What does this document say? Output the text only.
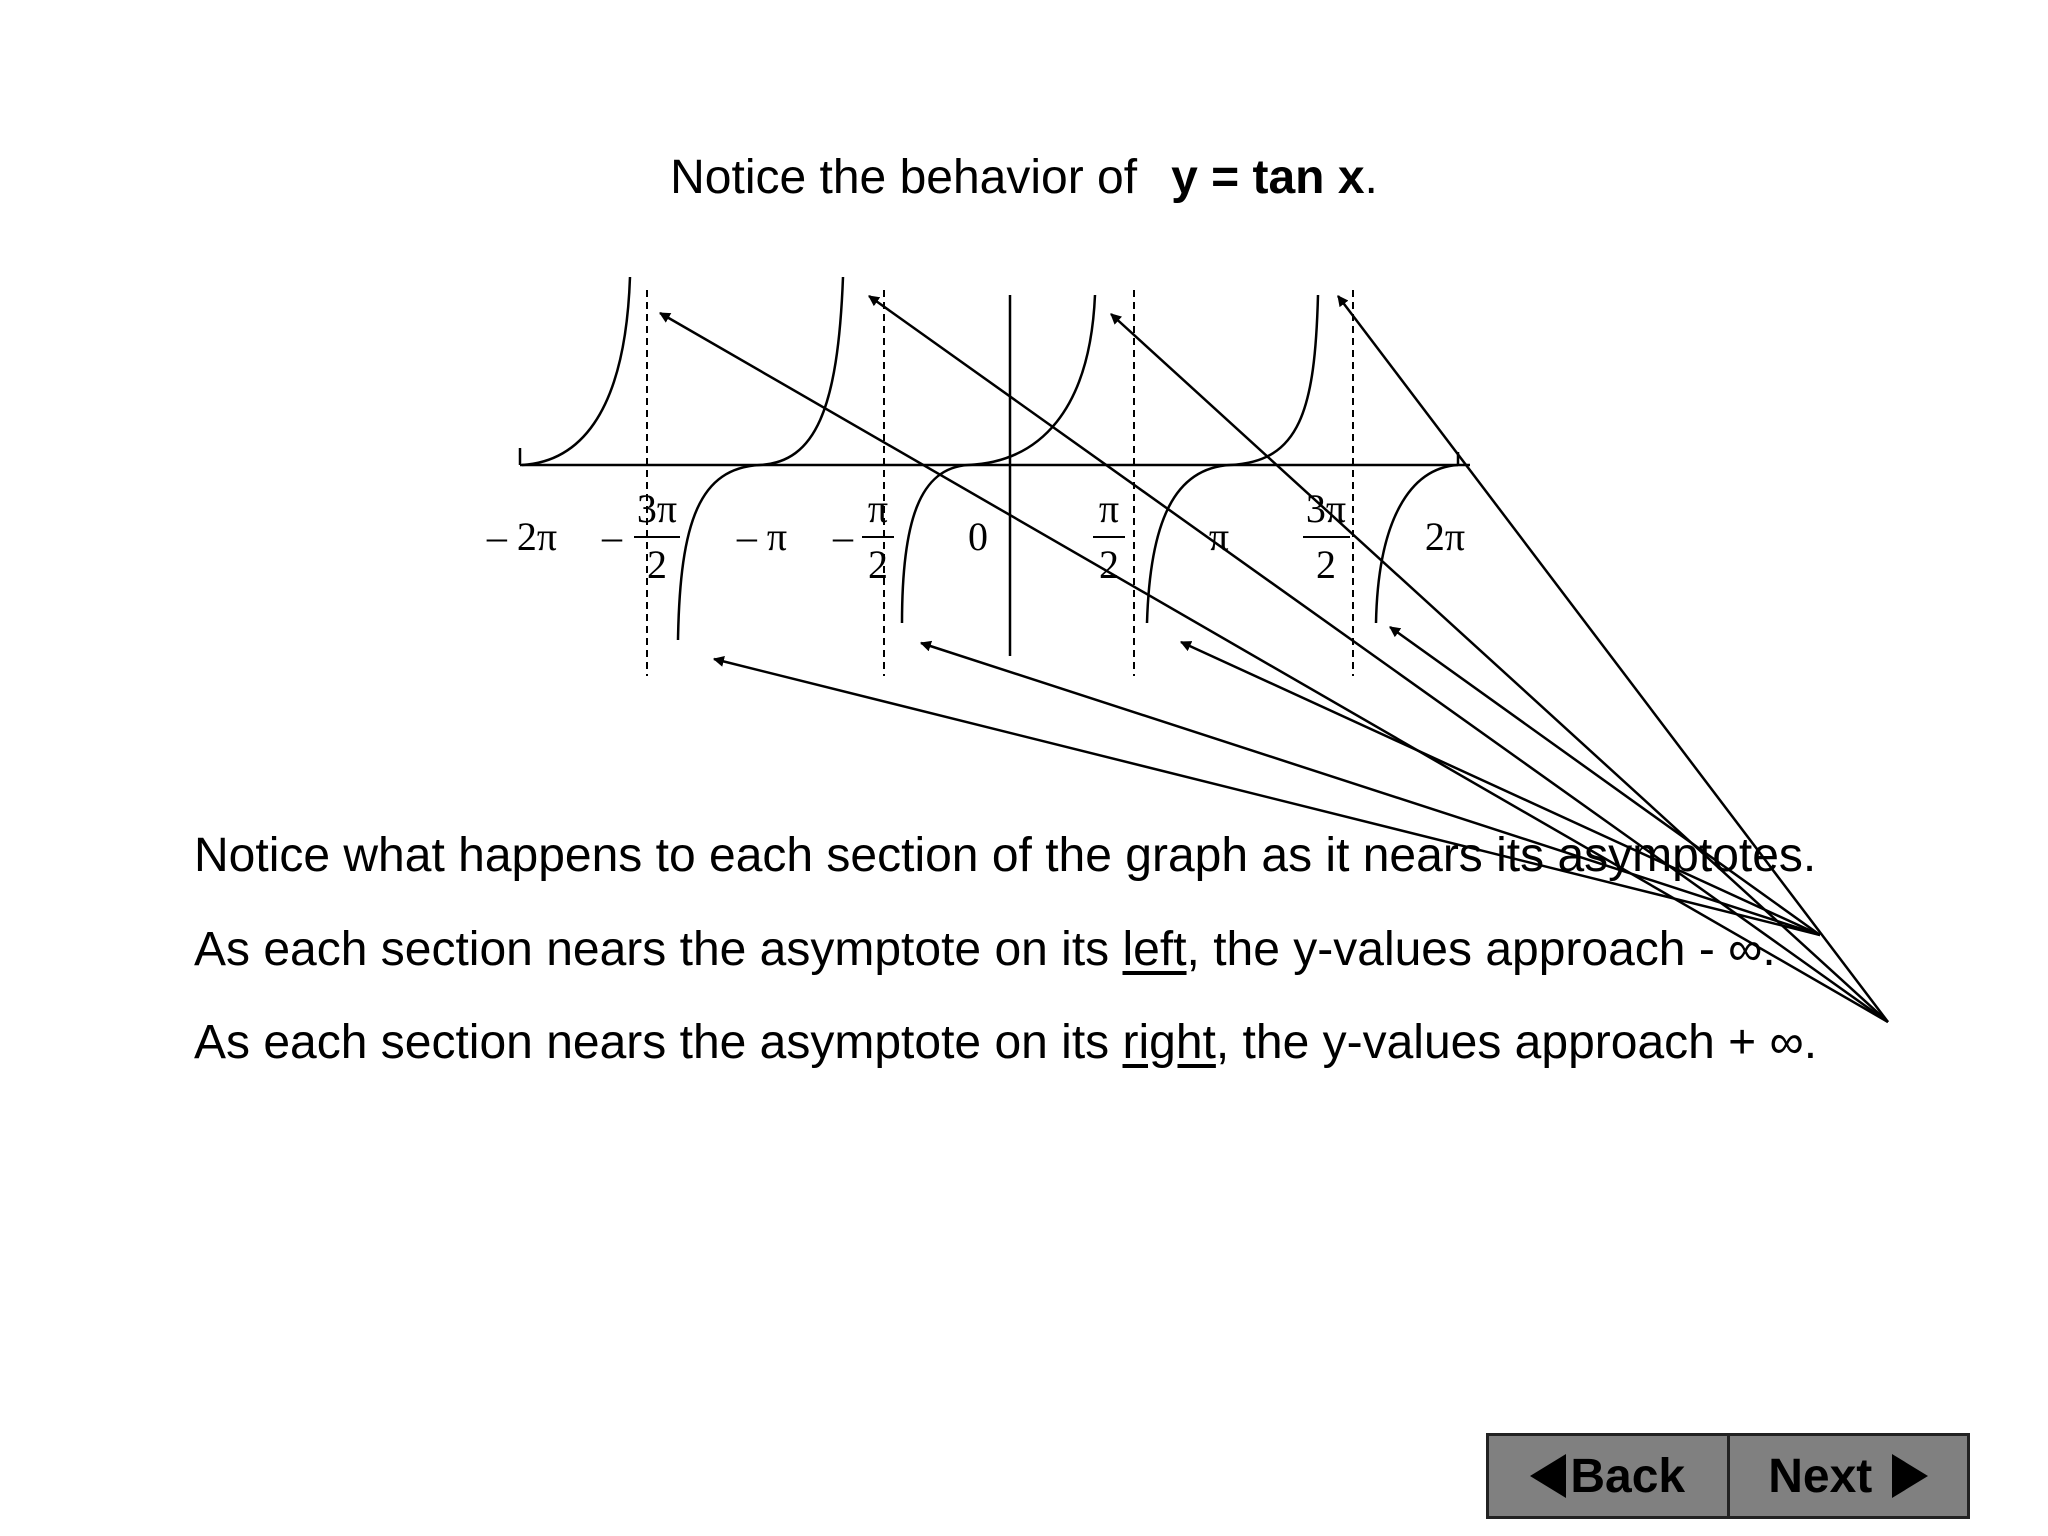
Notice the behavior of y = tan x .
– 2π –
3π
2
– π –
π
2
0
π
2
π
3π
2
2π
Notice what happens to each section of the graph as it nears its asymptotes.
As each section nears the asymptote on its left, the y-values approach - ∞.
As each section nears the asymptote on its right, the y-values approach + ∞.
Back Next
